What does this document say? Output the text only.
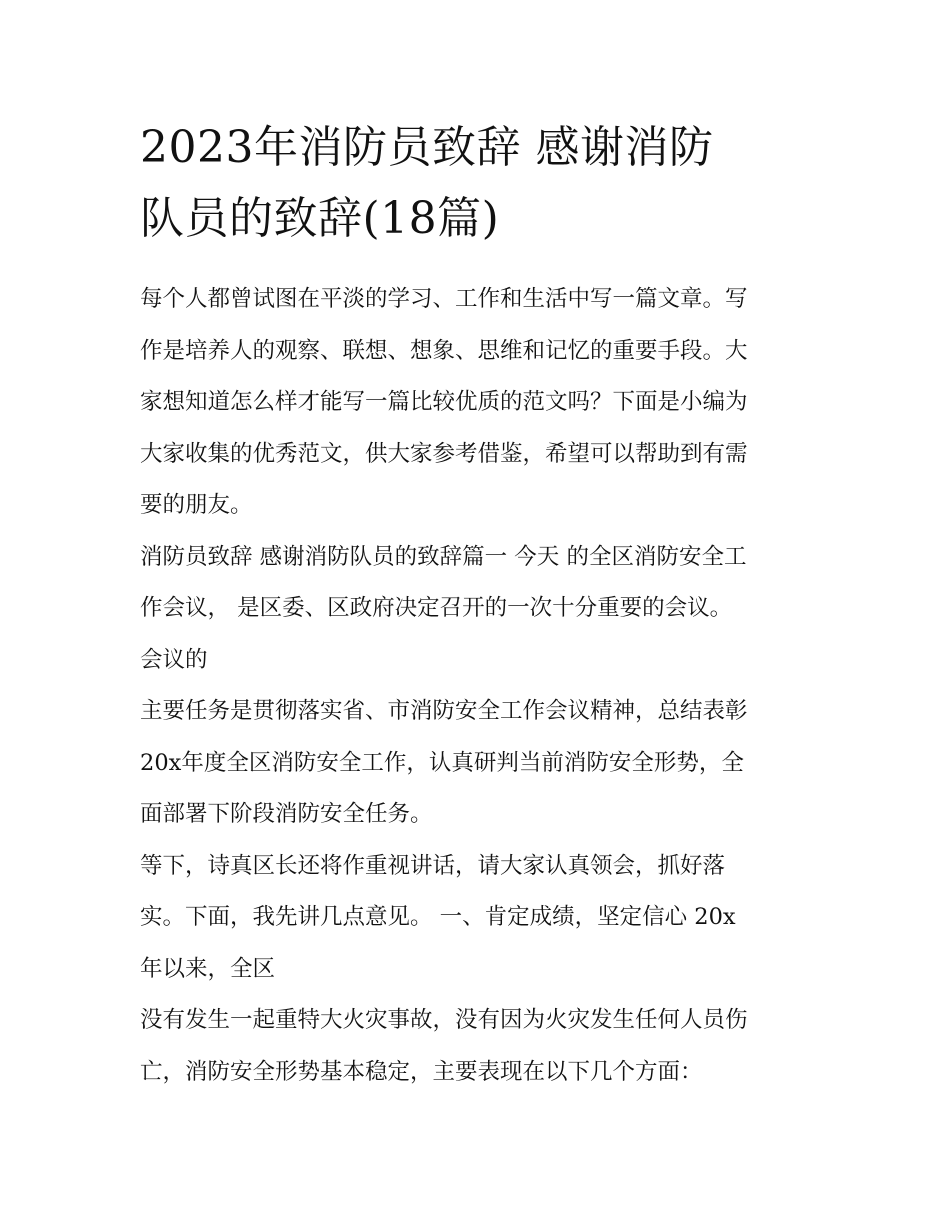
2023年消防员致辞 感谢消防
队员的致辞(18篇)

每个人都曾试图在平淡的学习、工作和生活中写一篇文章。写
作是培养人的观察、联想、想象、思维和记忆的重要手段。大
家想知道怎么样才能写一篇比较优质的范文吗？下面是小编为
大家收集的优秀范文，供大家参考借鉴，希望可以帮助到有需
要的朋友。

消防员致辞 感谢消防队员的致辞篇一 今天 的全区消防安全工
作会议， 是区委、区政府决定召开的一次十分重要的会议。
会议的

主要任务是贯彻落实省、市消防安全工作会议精神，总结表彰
20x年度全区消防安全工作，认真研判当前消防安全形势，全
面部署下阶段消防安全任务。

等下，诗真区长还将作重视讲话，请大家认真领会，抓好落
实。下面，我先讲几点意见。 一、肯定成绩，坚定信心 20x
年以来，全区

没有发生一起重特大火灾事故，没有因为火灾发生任何人员伤
亡，消防安全形势基本稳定，主要表现在以下几个方面：
